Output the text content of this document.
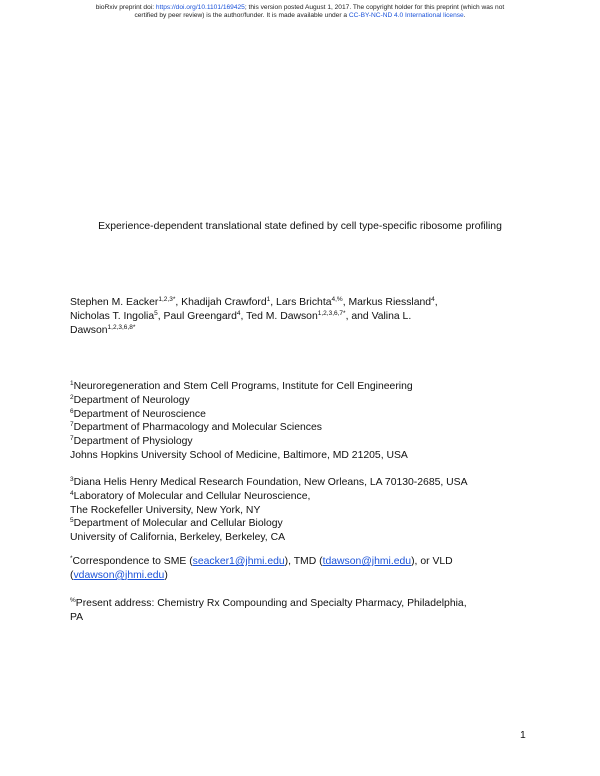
bioRxiv preprint doi: https://doi.org/10.1101/169425; this version posted August 1, 2017. The copyright holder for this preprint (which was not
certified by peer review) is the author/funder. It is made available under a CC-BY-NC-ND 4.0 International license.
Experience-dependent translational state defined by cell type-specific ribosome profiling
Stephen M. Eacker$^{1,2,3*}$, Khadijah Crawford$^1$, Lars Brichta$^{4,\%}$, Markus Riessland$^4$,
Nicholas T. Ingolia$^5$, Paul Greengard$^4$, Ted M. Dawson$^{1,2,3,6,7*}$, and Valina L.
Dawson$^{1,2,3,6,8*}$
$^1$Neuroregeneration and Stem Cell Programs, Institute for Cell Engineering
$^2$Department of Neurology
$^6$Department of Neuroscience
$^7$Department of Pharmacology and Molecular Sciences
$^7$Department of Physiology
Johns Hopkins University School of Medicine, Baltimore, MD 21205, USA
$^3$Diana Helis Henry Medical Research Foundation, New Orleans, LA 70130-2685, USA
$^4$Laboratory of Molecular and Cellular Neuroscience,
The Rockefeller University, New York, NY
$^5$Department of Molecular and Cellular Biology
University of California, Berkeley, Berkeley, CA
*Correspondence to SME (seacker1@jhmi.edu), TMD (tdawson@jhmi.edu), or VLD
(vdawson@jhmi.edu)
%Present address: Chemistry Rx Compounding and Specialty Pharmacy, Philadelphia,
PA
1
